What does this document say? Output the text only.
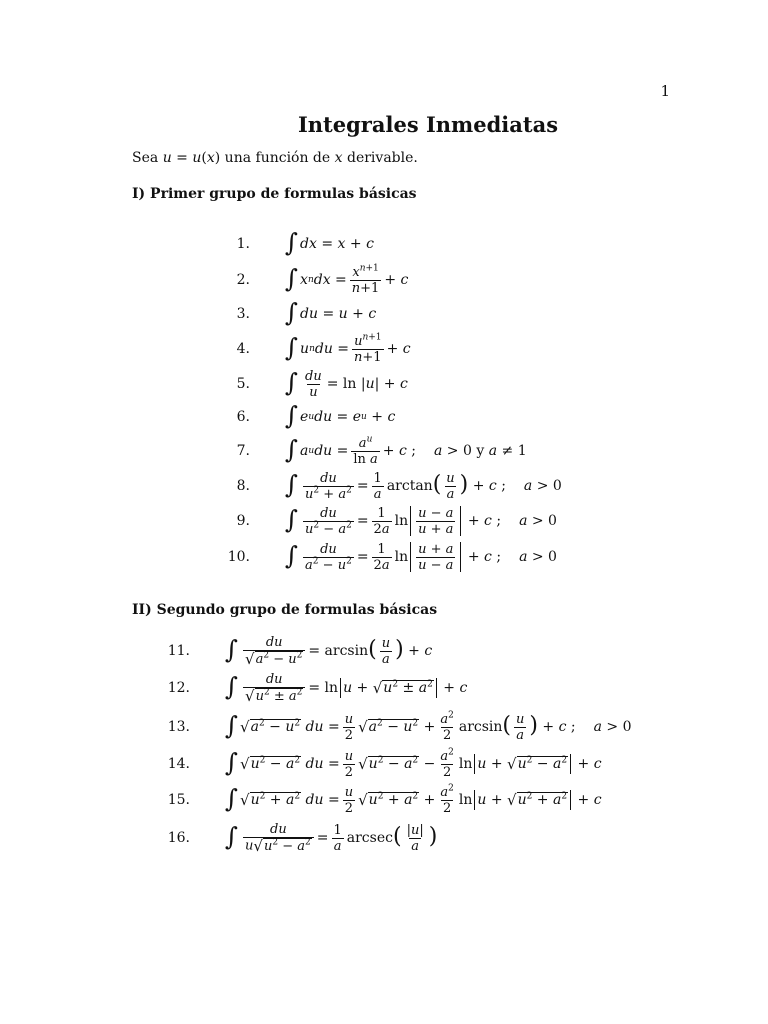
1
Integrales Inmediatas
Sea u = u(x) una función de x derivable.
I) Primer grupo de formulas básicas
1. ∫ dx = x + c
2. ∫ x n dx = $\frac{x^{n+1}}{n+1} + c$
3. ∫ du = u + c
4. ∫ u n du = $\frac{u^{n+1}}{n+1} + c$
5. ∫ $\frac{du}{u} = \ln$ | u | + c
6. ∫ e u du = e u + c
7. ∫ a u du = $\frac{a^u}{\text{ln a}} + c$ ; a > 0 y a ≠ 1
8. ∫ $\frac{du}{u^2 + a^2} = \frac{1}{a}$ arctan ( $\frac{u}{a}$ ) + c ; a > 0
9. ∫ $\frac{du}{u^2 - a^2} = \frac{1}{2a}$ $\ln \frac{u - a}{u + a} + c$ ; a > 0
10. ∫ $\frac{du}{a^2 - u^2} = \frac{1}{2a}$ $\ln \frac{u + a}{u - a} + c$ ; a > 0
II) Segundo grupo de formulas básicas
11. ∫ $\frac{du}{√ a^2 - u^2} = \arcsin$ ( $\frac{u}{a}$ ) + c
12. ∫ $\frac{du}{√ u^2 \pm a^2} = \ln u$ + √ $u^2 \pm a^2 + c$
13. ∫ √ $a^2 - u^2$
du = $\frac{u}{2}$ √ $a^2 - u^2 + \frac{a^2}{2}$ arcsin ( $\frac{u}{a}$ ) + c ; a > 0
14. ∫ √ $u^2 - a^2$
du = $\frac{u}{2}$ √ $u^2 - a^2 - \frac{a^2}{2}$ ln u + √ $u^2 - a^2 + c$
15. ∫ √ $u^2 + a^2$
du = $\frac{u}{2}$ √ $u^2 + a^2 + \frac{a^2}{2}$ ln u + √ $u^2 + a^2 + c$
16. ∫ $\frac{du}{u √ u^2 - a^2} = \frac{1}{a}$ arcsec ( $\frac{|u|}{a}$ )
